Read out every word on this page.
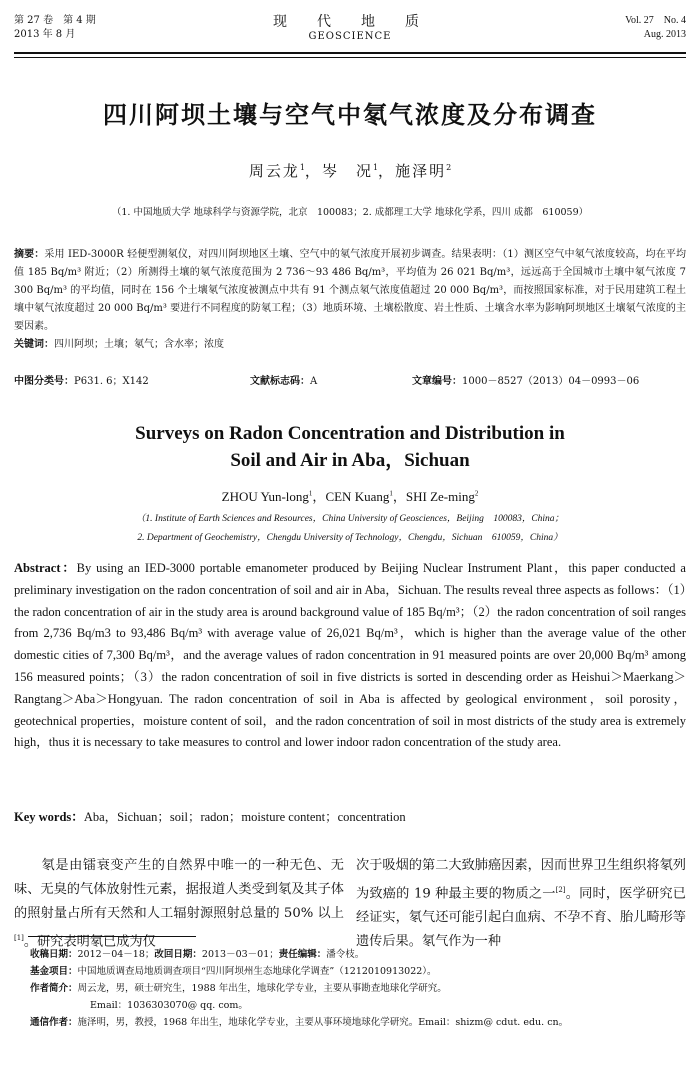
第 27 卷　第 4 期
2013 年 8 月
现　代　地　质
GEOSCIENCE
Vol. 27　No. 4
Aug. 2013
四川阿坝土壤与空气中氡气浓度及分布调查
周云龙$^1$，岑　况$^1$，施泽明$^2$
（1. 中国地质大学 地球科学与资源学院，北京　100083；2. 成都理工大学 地球化学系，四川 成都　610059）
摘要：采用 IED-3000R 轻便型测氡仪，对四川阿坝地区土壤、空气中的氡气浓度开展初步调查。结果表明：（1）测区空气中氡气浓度较高，均在平均值 185 Bq/m³ 附近；（2）所测得土壤的氡气浓度范围为 2 736～93 486 Bq/m³，平均值为 26 021 Bq/m³，远远高于全国城市土壤中氡气浓度 7 300 Bq/m³ 的平均值，同时在 156 个土壤氡气浓度被测点中共有 91 个测点氡气浓度值超过 20 000 Bq/m³，而按照国家标准，对于民用建筑工程土壤中氡气浓度超过 20 000 Bq/m³ 要进行不同程度的防氡工程；（3）地质环境、土壤松散度、岩土性质、土壤含水率为影响阿坝地区土壤氡气浓度的主要因素。
关键词：四川阿坝；土壤；氡气；含水率；浓度
中图分类号：P631. 6；X142	文献标志码：A	文章编号：1000－8527（2013）04－0993－06
Surveys on Radon Concentration and Distribution in
Soil and Air in Aba，Sichuan
ZHOU Yun-long$^1$，CEN Kuang$^1$，SHI Ze-ming$^2$
（1. Institute of Earth Sciences and Resources，China University of Geosciences，Beijing　100083，China；
2. Department of Geochemistry，Chengdu University of Technology，Chengdu，Sichuan　610059，China）
Abstract：By using an IED-3000 portable emanometer produced by Beijing Nuclear Instrument Plant，this paper conducted a preliminary investigation on the radon concentration of soil and air in Aba，Sichuan. The results reveal three aspects as follows：（1）the radon concentration of air in the study area is around background value of 185 Bq/m³；（2）the radon concentration of soil ranges from 2,736 Bq/m3 to 93,486 Bq/m³ with average value of 26,021 Bq/m³，which is higher than the average value of the other domestic cities of 7,300 Bq/m³，and the average values of radon concentration in 91 measured points are over 20,000 Bq/m³ among 156 measured points；（3）the radon concentration of soil in five districts is sorted in descending order as Heishui＞Maerkang＞Rangtang＞Aba＞Hongyuan. The radon concentration of soil in Aba is affected by geological environment，soil porosity，geotechnical properties，moisture content of soil，and the radon concentration of soil in most districts of the study area is extremely high，thus it is necessary to take measures to control and lower indoor radon concentration of the study area.
Key words：Aba，Sichuan；soil；radon；moisture content；concentration
　　氡是由镭衰变产生的自然界中唯一的一种无色、无味、无臭的气体放射性元素，据报道人类受到氡及其子体的照射量占所有天然和人工辐射源照射总量的 50% 以上[1]。研究表明氡已成为仅
次于吸烟的第二大致肺癌因素，因而世界卫生组织将氡列为致癌的 19 种最主要的物质之一[2]。同时，医学研究已经证实，氡气还可能引起白血病、不孕不育、胎儿畸形等遗传后果。氡气作为一种
收稿日期：2012－04－18；改回日期：2013－03－01；责任编辑：潘令枝。
基金项目：中国地质调查局地质调查项目“四川阿坝州生态地球化学调查”（1212010913022）。
作者简介：周云龙，男，硕士研究生，1988 年出生，地球化学专业，主要从事勘查地球化学研究。
Email：1036303070@ qq. com。
通信作者：施泽明，男，教授，1968 年出生，地球化学专业，主要从事环境地球化学研究。Email：shizm@ cdut. edu. cn。
